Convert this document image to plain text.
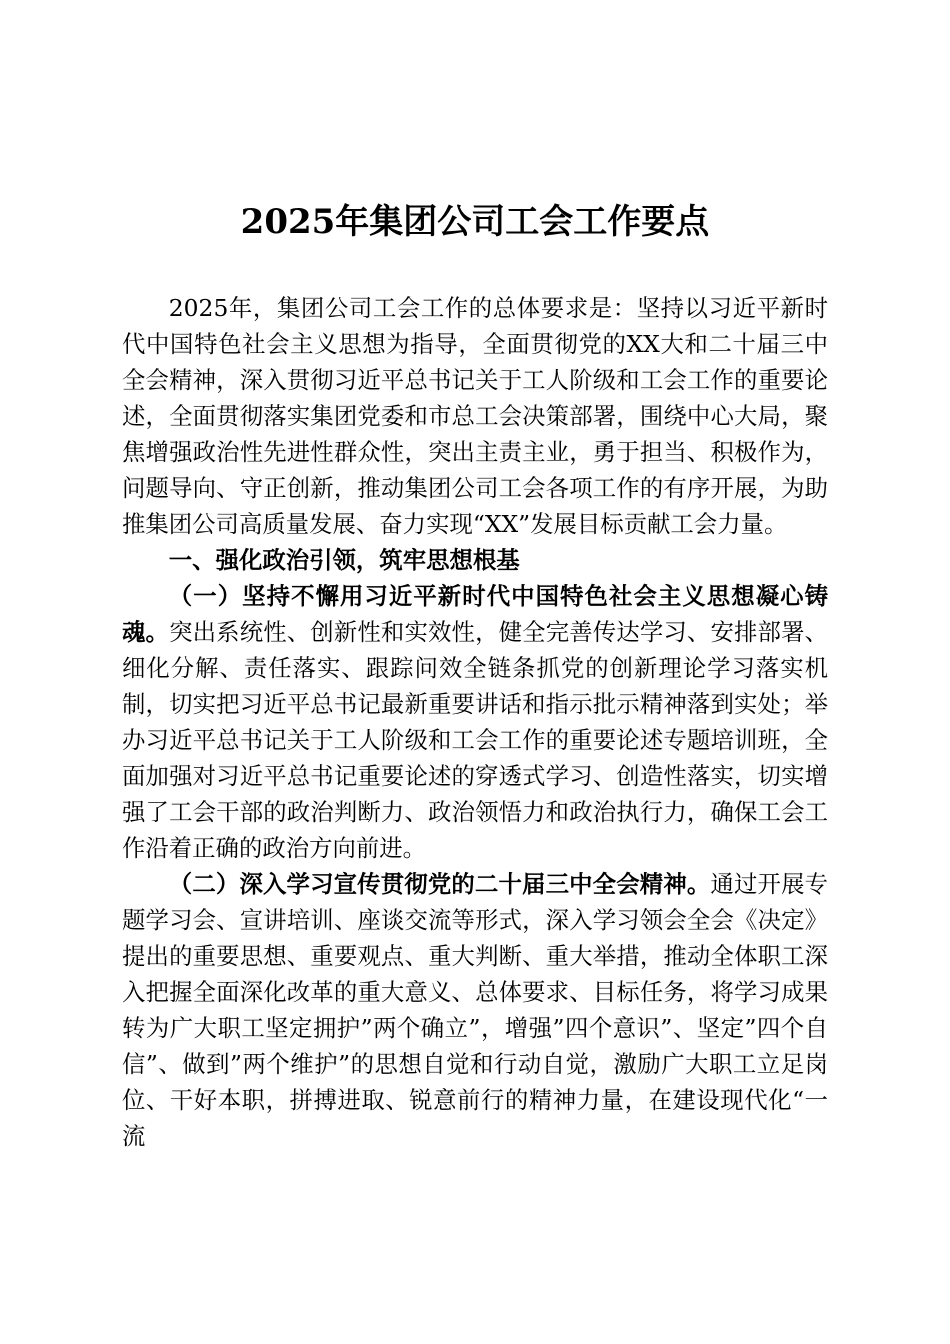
2025年集团公司工会工作要点

2025年，集团公司工会工作的总体要求是：坚持以习近平新时代中国特色社会主义思想为指导，全面贯彻党的XX大和二十届三中全会精神，深入贯彻习近平总书记关于工人阶级和工会工作的重要论述，全面贯彻落实集团党委和市总工会决策部署，围绕中心大局，聚焦增强政治性先进性群众性，突出主责主业，勇于担当、积极作为，问题导向、守正创新，推动集团公司工会各项工作的有序开展，为助推集团公司高质量发展、奋力实现“XX”发展目标贡献工会力量。

一、强化政治引领，筑牢思想根基

（一）坚持不懈用习近平新时代中国特色社会主义思想凝心铸魂。突出系统性、创新性和实效性，健全完善传达学习、安排部署、细化分解、责任落实、跟踪问效全链条抓党的创新理论学习落实机制，切实把习近平总书记最新重要讲话和指示批示精神落到实处；举办习近平总书记关于工人阶级和工会工作的重要论述专题培训班，全面加强对习近平总书记重要论述的穿透式学习、创造性落实，切实增强了工会干部的政治判断力、政治领悟力和政治执行力，确保工会工作沿着正确的政治方向前进。

（二）深入学习宣传贯彻党的二十届三中全会精神。通过开展专题学习会、宣讲培训、座谈交流等形式，深入学习领会全会《决定》提出的重要思想、重要观点、重大判断、重大举措，推动全体职工深入把握全面深化改革的重大意义、总体要求、目标任务，将学习成果转为广大职工坚定拥护”两个确立”，增强”四个意识”、坚定”四个自信”、做到”两个维护”的思想自觉和行动自觉，激励广大职工立足岗位、干好本职，拼搏进取、锐意前行的精神力量，在建设现代化“一流
